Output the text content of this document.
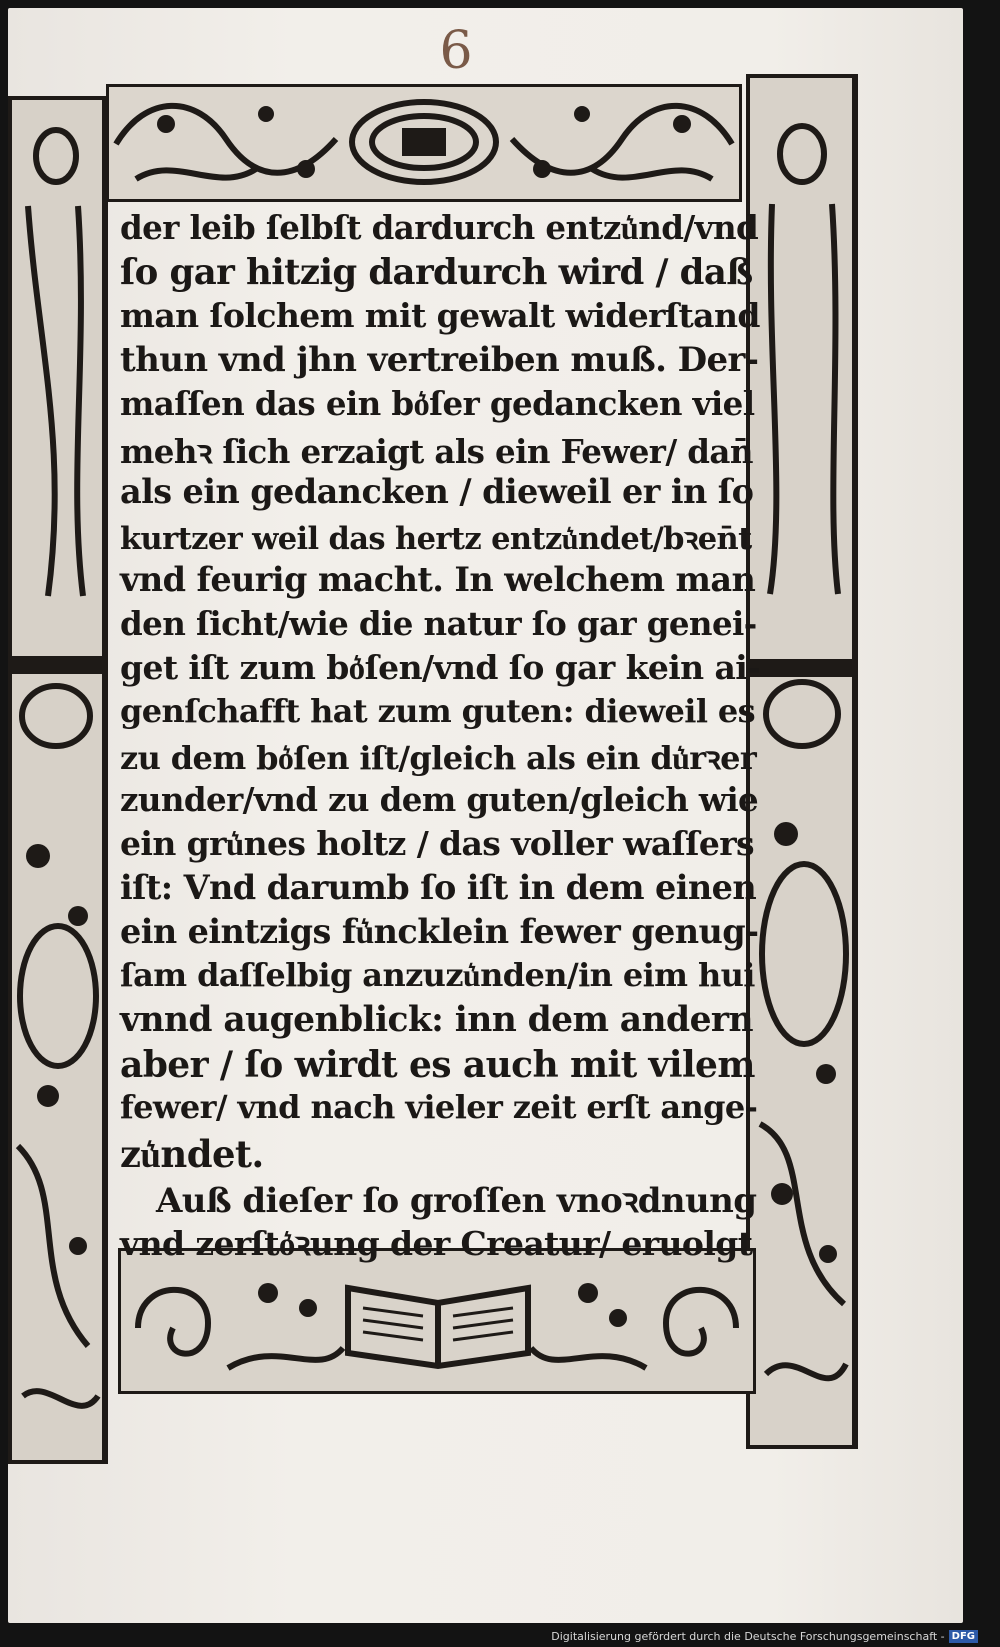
6
der leib ſelbſt dardurch entzu͛nd/vnd
ſo gar hitzig dardurch wird / daß
man ſolchem mit gewalt widerſtand
thun vnd jhn vertreiben muß. Der-
maſſen das ein bo͛ſer gedancken viel
mehꝛ ſich erzaigt als ein Fewer/ dan̄
als ein gedancken / dieweil er in ſo
kurtzer weil das hertz entzu͛ndet/bꝛen̄t
vnd feurig macht. In welchem man
den ſicht/wie die natur ſo gar genei-
get iſt zum bo͛ſen/vnd ſo gar kein ai-
genſchafft hat zum guten: dieweil es
zu dem bo͛ſen iſt/gleich als ein du͛rꝛer
zunder/vnd zu dem guten/gleich wie
ein gru͛nes holtz / das voller waſſers
iſt: Vnd darumb ſo iſt in dem einen
ein eintzigs fu͛ncklein fewer genug-
ſam daſſelbig anzuzu͛nden/in eim hui
vnnd augenblick: inn dem andern
aber / ſo wirdt es auch mit vilem
fewer/ vnd nach vieler zeit erſt ange-
zu͛ndet.
Auß dieſer ſo groſſen vnoꝛdnung
vnd zerſto͛ꝛung der Creatur/ eruolgt
Digitalisierung gefördert durch die Deutsche Forschungsgemeinschaft - DFG
